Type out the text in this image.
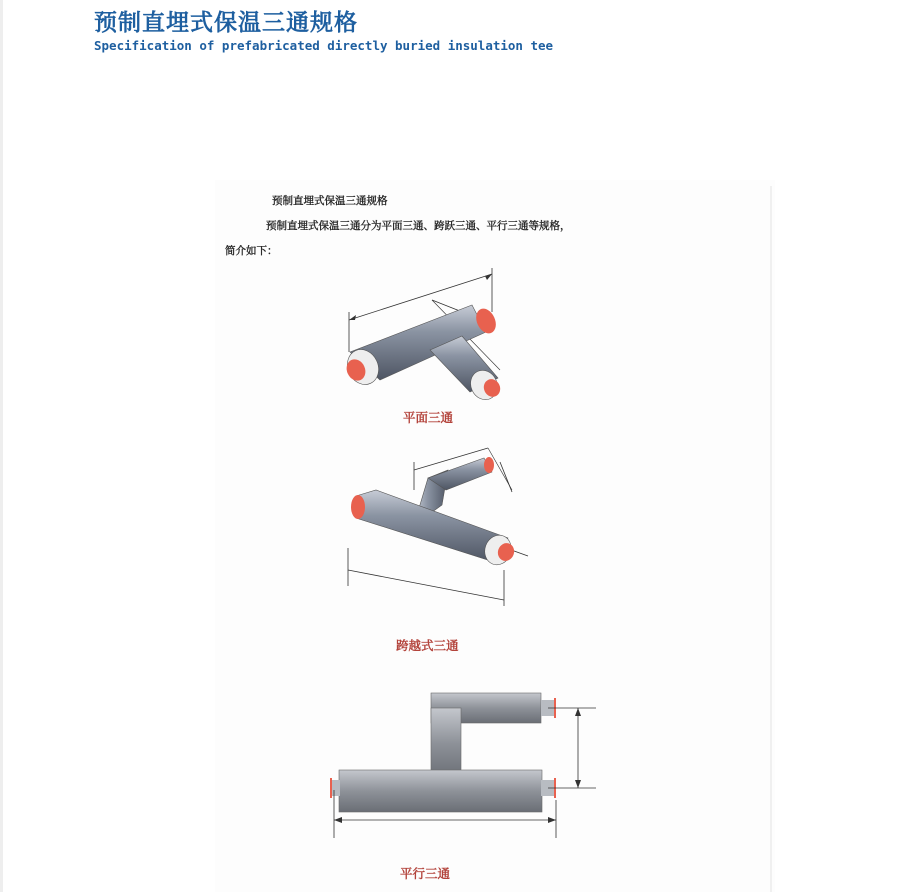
预制直埋式保温三通规格
Specification of prefabricated directly buried insulation tee
预制直埋式保温三通规格
预制直埋式保温三通分为平面三通、跨跃三通、平行三通等规格，
简介如下：
平面三通
跨越式三通
平行三通
